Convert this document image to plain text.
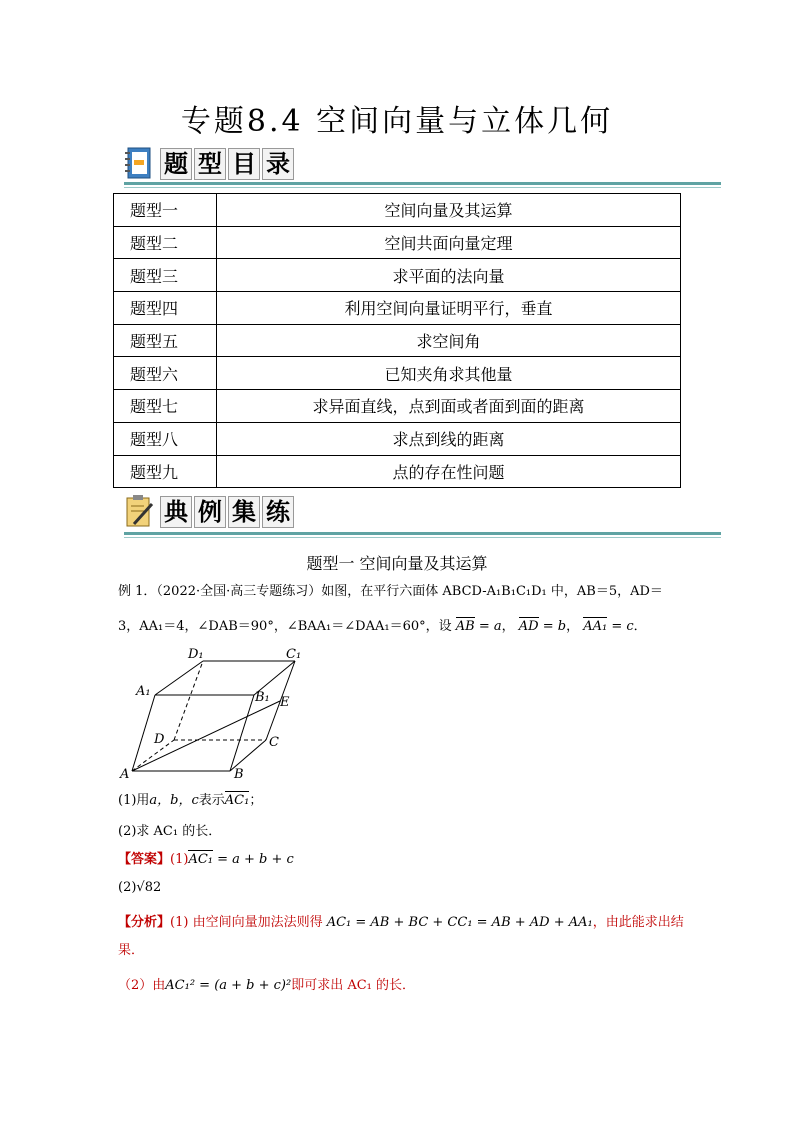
专题8.4 空间向量与立体几何
题 型 目 录
题型一	空间向量及其运算
题型二	空间共面向量定理
题型三	求平面的法向量
题型四	利用空间向量证明平行，垂直
题型五	求空间角
题型六	已知夹角求其他量
题型七	求异面直线，点到面或者面到面的距离
题型八	求点到线的距离
题型九	点的存在性问题
典 例 集 练
题型一 空间向量及其运算
例 1．（2022·全国·高三专题练习）如图，在平行六面体 ABCD-A₁B₁C₁D₁ 中，AB＝5，AD＝
3，AA₁＝4，∠DAB＝90°，∠BAA₁＝∠DAA₁＝60°，设 AB = a， AD = b， AA₁ = c．
A	B
C
D
A₁	B₁
C₁
D₁
E
(1)用a，b，c表示AC₁；
(2)求 AC₁ 的长．
【答案】(1)AC₁ = a + b + c
(2)√82
【分析】(1) 由空间向量加法法则得 AC₁ = AB + BC + CC₁ = AB + AD + AA₁，由此能求出结
果．
（2）由AC₁² = (a + b + c)²即可求出 AC₁ 的长．
